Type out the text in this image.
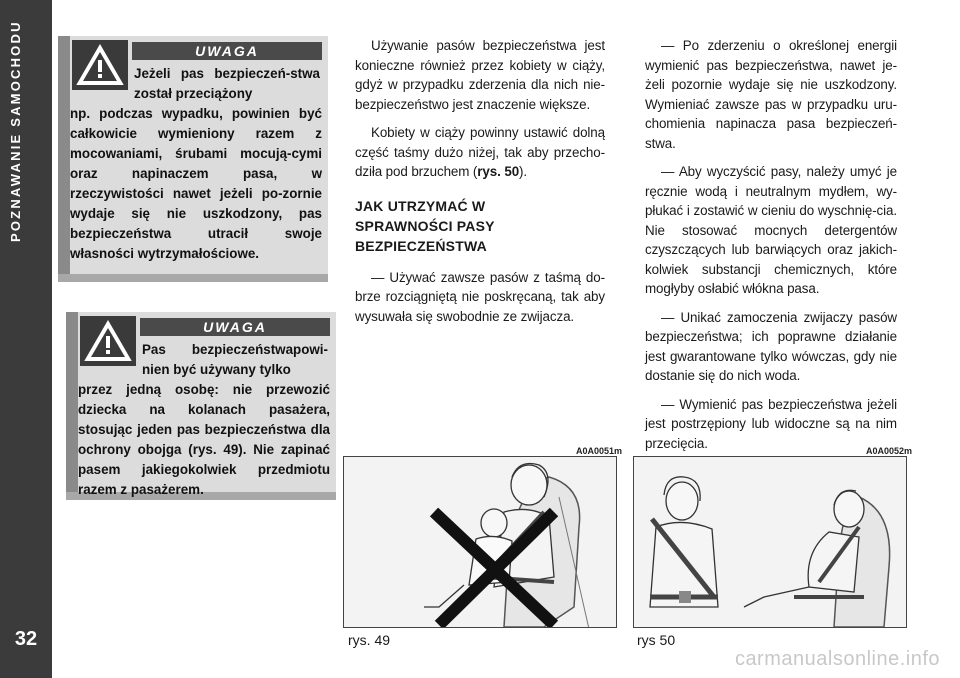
POZNAWANIE SAMOCHODU
32
UWAGA
Jeżeli pas bezpieczeń-stwa został przeciążony
np. podczas wypadku, powinien być całkowicie wymieniony razem z mocowaniami, śrubami mocują-cymi oraz napinaczem pasa, w rzeczywistości nawet jeżeli po-zornie wydaje się nie uszkodzony, pas bezpieczeństwa utracił swoje własności wytrzymałościowe.
UWAGA
Pas bezpieczeństwapowi-nien być używany tylko
przez jedną osobę: nie przewozić dziecka na kolanach pasażera, stosując jeden pas bezpieczeństwa dla ochrony obojga (rys. 49). Nie zapinać pasem jakiegokolwiek przedmiotu razem z pasażerem.

Używanie pasów bezpieczeństwa jest konieczne również przez kobiety w ciąży, gdyż w przypadku zderzenia dla nich nie-bezpieczeństwo jest znaczenie większe.

Kobiety w ciąży powinny ustawić dolną część taśmy dużo niżej, tak aby przecho-dziła pod brzuchem (rys. 50).

JAK UTRZYMAĆ W SPRAWNOŚCI PASY BEZPIECZEŃSTWA

— Używać zawsze pasów z taśmą do-brze rozciągniętą nie poskręcaną, tak aby wysuwała się swobodnie ze zwijacza.

— Po zderzeniu o określonej energii wymienić pas bezpieczeństwa, nawet je-żeli pozornie wydaje się nie uszkodzony. Wymieniać zawsze pas w przypadku uru-chomienia napinacza pasa bezpieczeń-stwa.

— Aby wyczyścić pasy, należy umyć je ręcznie wodą i neutralnym mydłem, wy-płukać i zostawić w cieniu do wyschnię-cia. Nie stosować mocnych detergentów czyszczących lub barwiących oraz jakich-kolwiek substancji chemicznych, które mogłyby osłabić włókna pasa.

— Unikać zamoczenia zwijaczy pasów bezpieczeństwa; ich poprawne działanie jest gwarantowane tylko wówczas, gdy nie dostanie się do nich woda.

— Wymienić pas bezpieczeństwa jeżeli jest postrzępiony lub widoczne są na nim przecięcia.

A0A0051m
rys. 49
A0A0052m
rys 50
carmanualsonline.info
